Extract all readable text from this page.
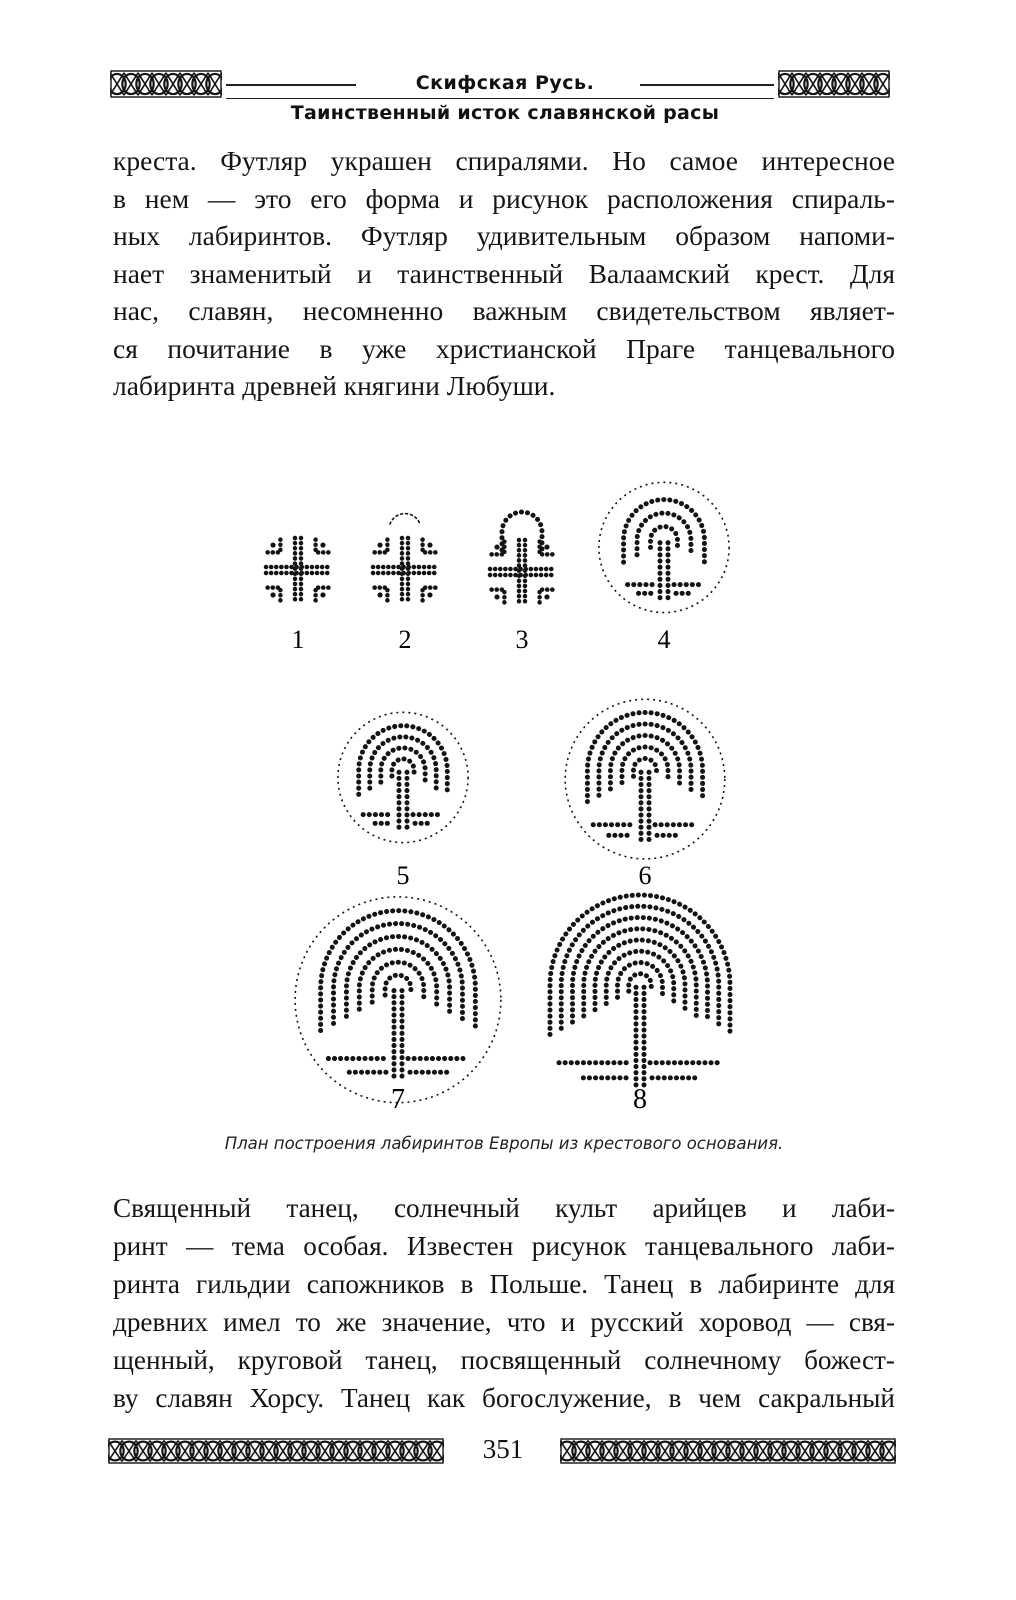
Скифская Русь.
Таинственный исток славянской расы
креста. Футляр украшен спиралями. Но самое интересное
в нем — это его форма и рисунок расположения спираль-
ных лабиринтов. Футляр удивительным образом напоми-
нает знаменитый и таинственный Валаамский крест. Для
нас, славян, несомненно важным свидетельством являет-
ся почитание в уже христианской Праге танцевального
лабиринта древней княгини Любуши.
1	2	3	4
5	6
7	8
План построения лабиринтов Европы из крестового основания.
Священный танец, солнечный культ арийцев и лаби-
ринт — тема особая. Известен рисунок танцевального лаби-
ринта гильдии сапожников в Польше. Танец в лабиринте для
древних имел то же значение, что и русский хоровод — свя-
щенный, круговой танец, посвященный солнечному божест-
ву славян Хорсу. Танец как богослужение, в чем сакральный
351
